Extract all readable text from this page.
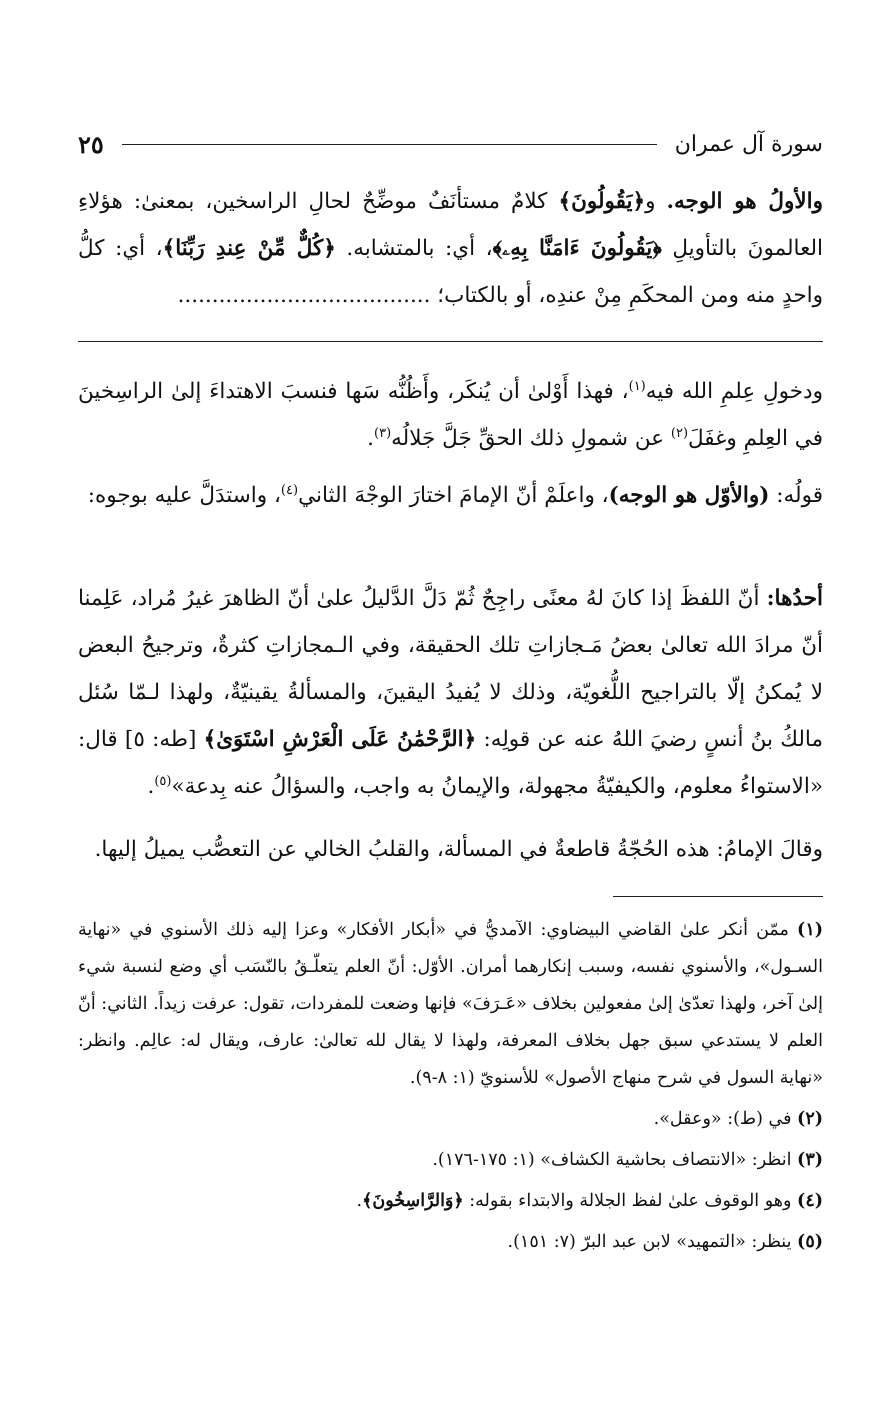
سورة آل عمران
٢٥
والأولُ هو الوجه. و﴿يَقُولُونَ﴾ كلامٌ مستأنَفٌ موضِّحٌ لحالِ الراسخين، بمعنىٰ: هؤلاءِ العالمونَ بالتأويلِ ﴿يَقُولُونَ ءَامَنَّا بِهِۦ﴾، أي: بالمتشابه. ﴿كُلٌّ مِّنْ عِندِ رَبِّنَا﴾، أي: كلُّ واحدٍ منه ومن المحكَمِ مِنْ عندِه، أو بالكتاب؛ .....................................
ودخولِ عِلمِ الله فيه$^{(١)}$، فهذا أَوْلىٰ أن يُنكَر، وأَظُنُّه سَها فنسبَ الاهتداءَ إلىٰ الراسِخينَ في العِلمِ وغفَلَ$^{(٢)}$ عن شمولِ ذلك الحقِّ جَلَّ جَلالُه$^{(٣)}$.
قولُه: (والأوّل هو الوجه)، واعلَمْ أنّ الإمامَ اختارَ الوجْهَ الثاني$^{(٤)}$، واستدَلَّ عليه بوجوه:
أحدُها: أنّ اللفظَ إذا كانَ لهُ معنًى راجِحٌ ثُمّ دَلَّ الدَّليلُ علىٰ أنّ الظاهرَ غيرُ مُراد، عَلِمنا أنّ مرادَ الله تعالىٰ بعضُ مَـجازاتِ تلك الحقيقة، وفي الـمجازاتِ كثرةٌ، وترجيحُ البعض لا يُمكنُ إلّا بالتراجيح اللُّغويّة، وذلك لا يُفيدُ اليقينَ، والمسألةُ يقينيّةٌ، ولهذا لـمّا سُئل مالكُ بنُ أنسٍ رضيَ اللهُ عنه عن قولِه: ﴿الرَّحْمَٰنُ عَلَى الْعَرْشِ اسْتَوَىٰ﴾ [طه: ٥] قال: «الاستواءُ معلوم، والكيفيّةُ مجهولة، والإيمانُ به واجب، والسؤالُ عنه بِدعة»$^{(٥)}$.
وقالَ الإمامُ: هذه الحُجّةُ قاطعةٌ في المسألة، والقلبُ الخالي عن التعصُّب يميلُ إليها.

(١) ممّن أنكر علىٰ القاضي البيضاوي: الآمديُّ في «أبكار الأفكار» وعزا إليه ذلك الأسنوي في «نهاية السـول»، والأسنوي نفسه، وسبب إنكارهما أمران. الأوّل: أنّ العلم يتعلّـقُ بالنّسَب أي وضع لنسبة شيء إلىٰ آخر، ولهذا تعدّىٰ إلىٰ مفعولين بخلاف «عَـرَفَ» فإنها وضعت للمفردات، تقول: عرفت زيداً. الثاني: أنّ العلم لا يستدعي سبق جهل بخلاف المعرفة، ولهذا لا يقال لله تعالىٰ: عارف، ويقال له: عالِم. وانظر: «نهاية السول في شرح منهاج الأصول» للأسنويّ (١: ٨-٩).

(٢) في (ط): «وعقل».

(٣) انظر: «الانتصاف بحاشية الكشاف» (١: ١٧٥-١٧٦).

(٤) وهو الوقوف علىٰ لفظ الجلالة والابتداء بقوله: ﴿وَالرَّاسِخُونَ﴾.

(٥) ينظر: «التمهيد» لابن عبد البرّ (٧: ١٥١).
